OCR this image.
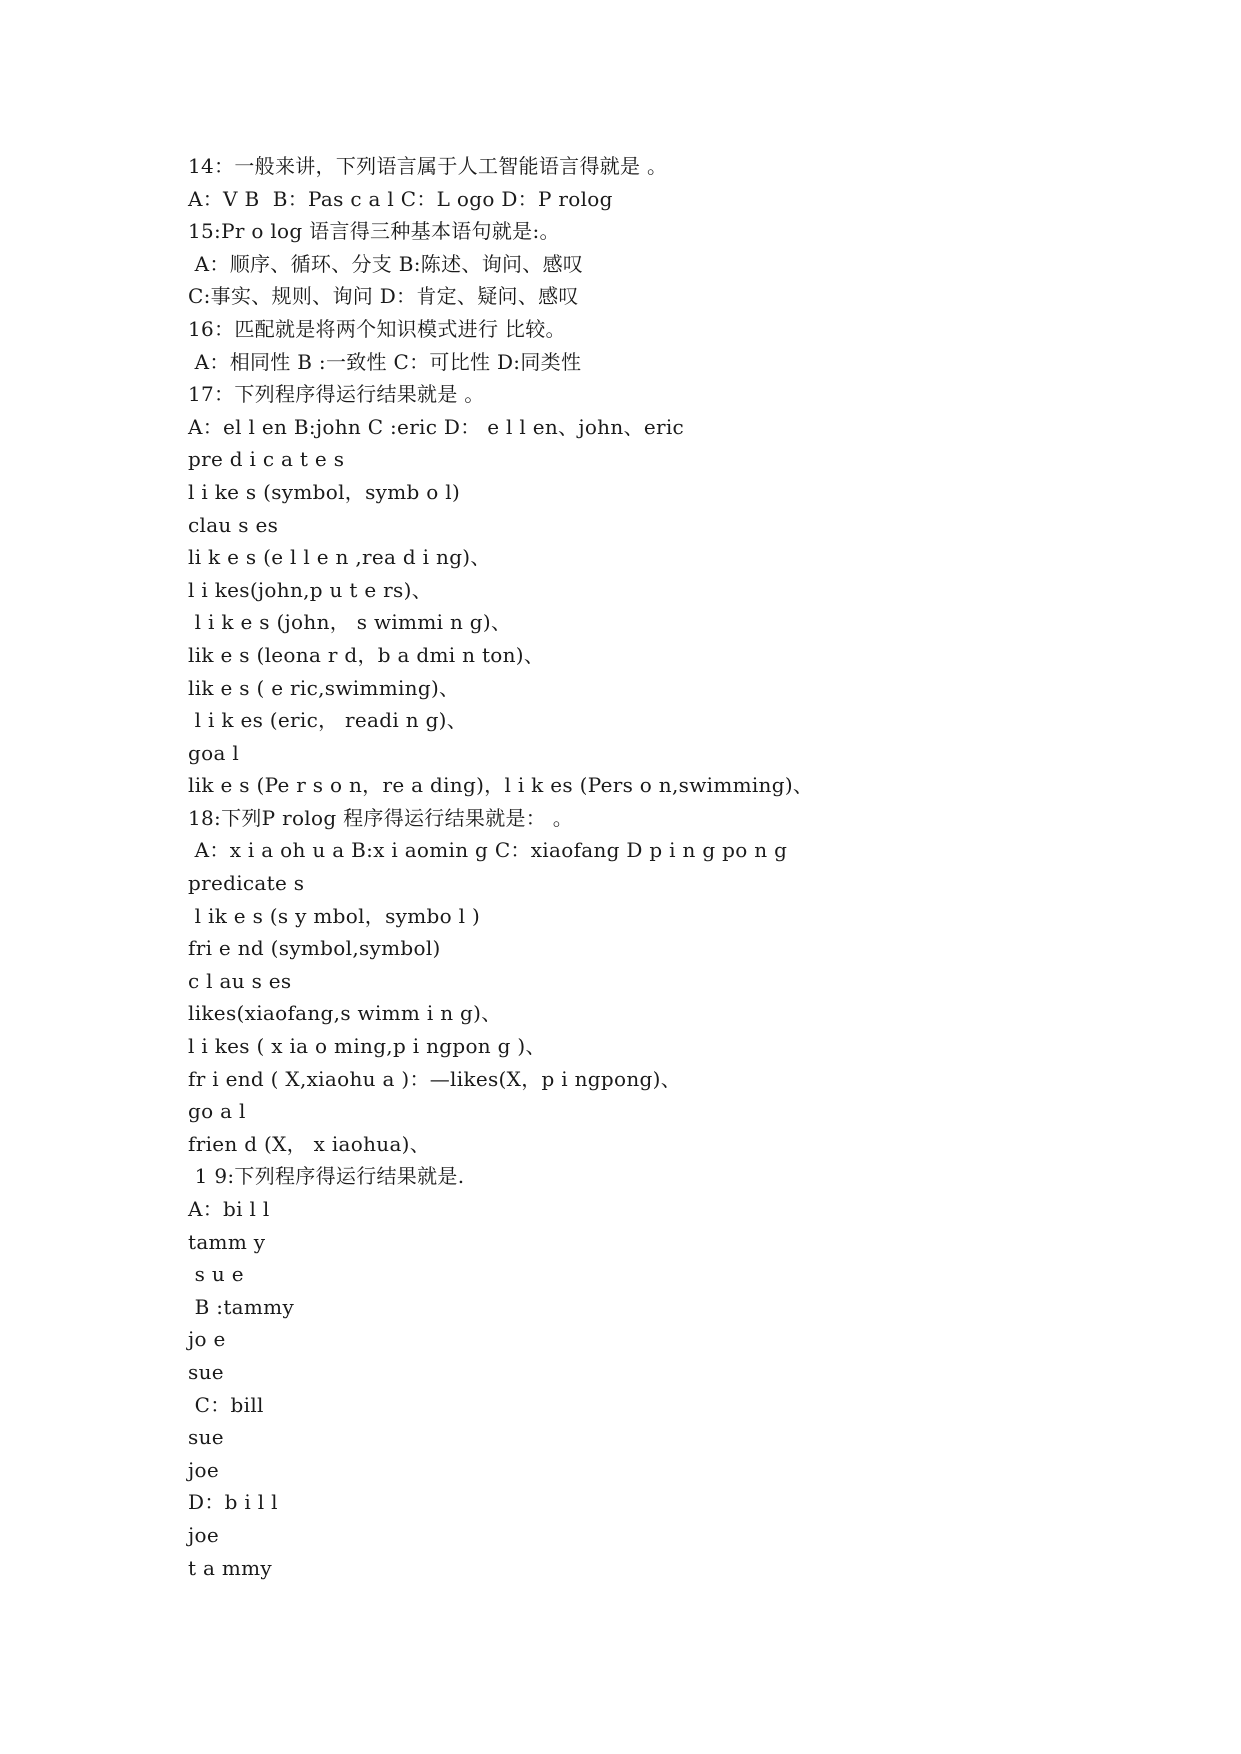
14：一般来讲，下列语言属于人工智能语言得就是 。
A：V B  B：Pas c a l C：L ogo D：P rolog
15:Pr o log 语言得三种基本语句就是:。
A：顺序、循环、分支 B:陈述、询问、感叹
C:事实、规则、询问 D：肯定、疑问、感叹
16：匹配就是将两个知识模式进行 比较。
A：相同性 B :一致性 C：可比性 D:同类性
17：下列程序得运行结果就是 。
A：el l en B:john C :eric D： e l l en、john、eric
pre d i c a t e s
l i ke s (symbol，symb o l)
clau s es
li k e s (e l l e n ,rea d i ng)、
l i kes(john,p u t e rs)、
l i k e s (john， s wimmi n g)、
lik e s (leona r d，b a dmi n ton)、
lik e s ( e ric,swimming)、
l i k es (eric， readi n g)、
goa l
lik e s (Pe r s o n，re a ding)，l i k es (Pers o n,swimming)、
18:下列P rolog 程序得运行结果就是： 。
A：x i a oh u a B:x i aomin g C：xiaofang D p i n g po n g
predicate s
l ik e s (s y mbol，symbo l )
fri e nd (symbol,symbol)
c l au s es
likes(xiaofang,s wimm i n g)、
l i kes ( x ia o ming,p i ngpon g )、
fr i end ( X,xiaohu a )：—likes(X，p i ngpong)、
go a l
frien d (X， x iaohua)、
1 9:下列程序得运行结果就是.
A：bi l l
tamm y
s u e
B :tammy
jo e
sue
C：bill
sue
joe
D：b i l l
joe
t a mmy
